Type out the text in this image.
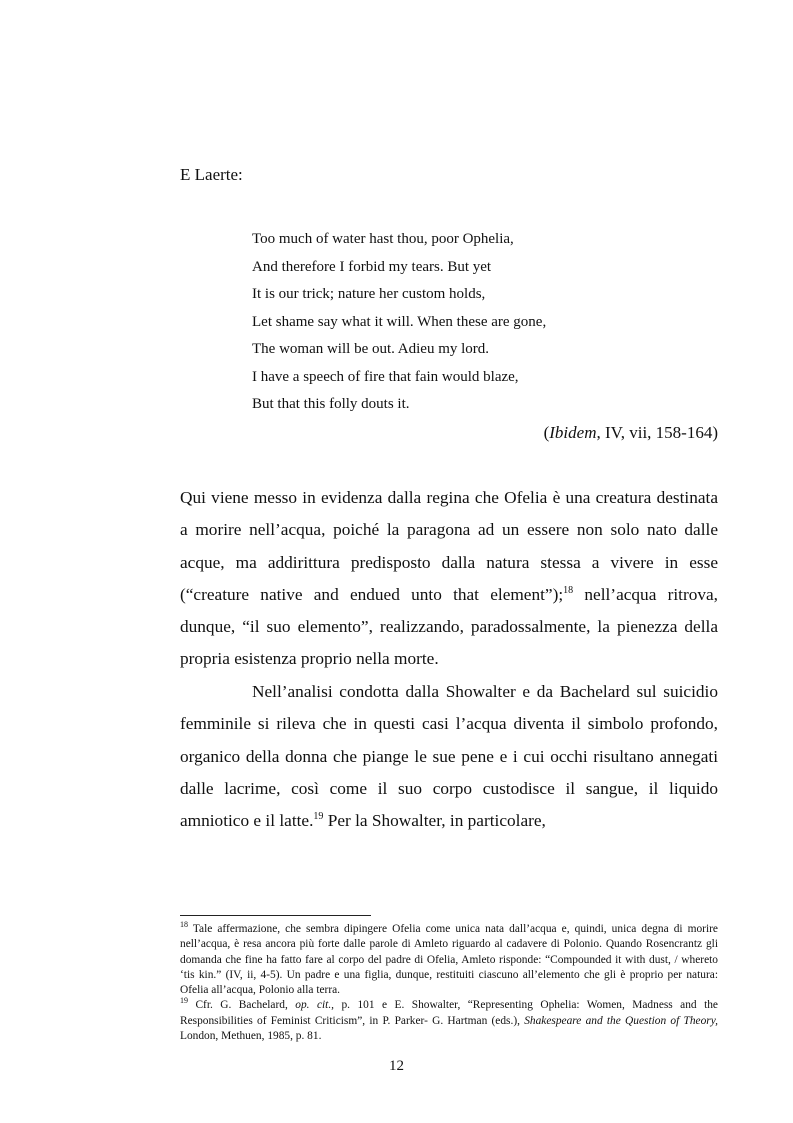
E Laerte:

Too much of water hast thou, poor Ophelia,
And therefore I forbid my tears. But yet
It is our trick; nature her custom holds,
Let shame say what it will. When these are gone,
The woman will be out. Adieu my lord.
I have a speech of fire that fain would blaze,
But that this folly douts it.

(Ibidem, IV, vii, 158-164)

Qui viene messo in evidenza dalla regina che Ofelia è una creatura destinata a morire nell’acqua, poiché la paragona ad un essere non solo nato dalle acque, ma addirittura predisposto dalla natura stessa a vivere in esse (“creature native and endued unto that element”);$^{18}$ nell’acqua ritrova, dunque, “il suo elemento”, realizzando, paradossalmente, la pienezza della propria esistenza proprio nella morte.

Nell’analisi condotta dalla Showalter e da Bachelard sul suicidio femminile si rileva che in questi casi l’acqua diventa il simbolo profondo, organico della donna che piange le sue pene e i cui occhi risultano annegati dalle lacrime, così come il suo corpo custodisce il sangue, il liquido amniotico e il latte.$^{19}$ Per la Showalter, in particolare,

$^{18}$ Tale affermazione, che sembra dipingere Ofelia come unica nata dall’acqua e, quindi, unica degna di morire nell’acqua, è resa ancora più forte dalle parole di Amleto riguardo al cadavere di Polonio. Quando Rosencrantz gli domanda che fine ha fatto fare al corpo del padre di Ofelia, Amleto risponde: “Compounded it with dust, / whereto ‘tis kin.” (IV, ii, 4-5). Un padre e una figlia, dunque, restituiti ciascuno all’elemento che gli è proprio per natura: Ofelia all’acqua, Polonio alla terra.

$^{19}$ Cfr. G. Bachelard, op. cit., p. 101 e E. Showalter, “Representing Ophelia: Women, Madness and the Responsibilities of Feminist Criticism”, in P. Parker- G. Hartman (eds.), Shakespeare and the Question of Theory, London, Methuen, 1985, p. 81.

12
